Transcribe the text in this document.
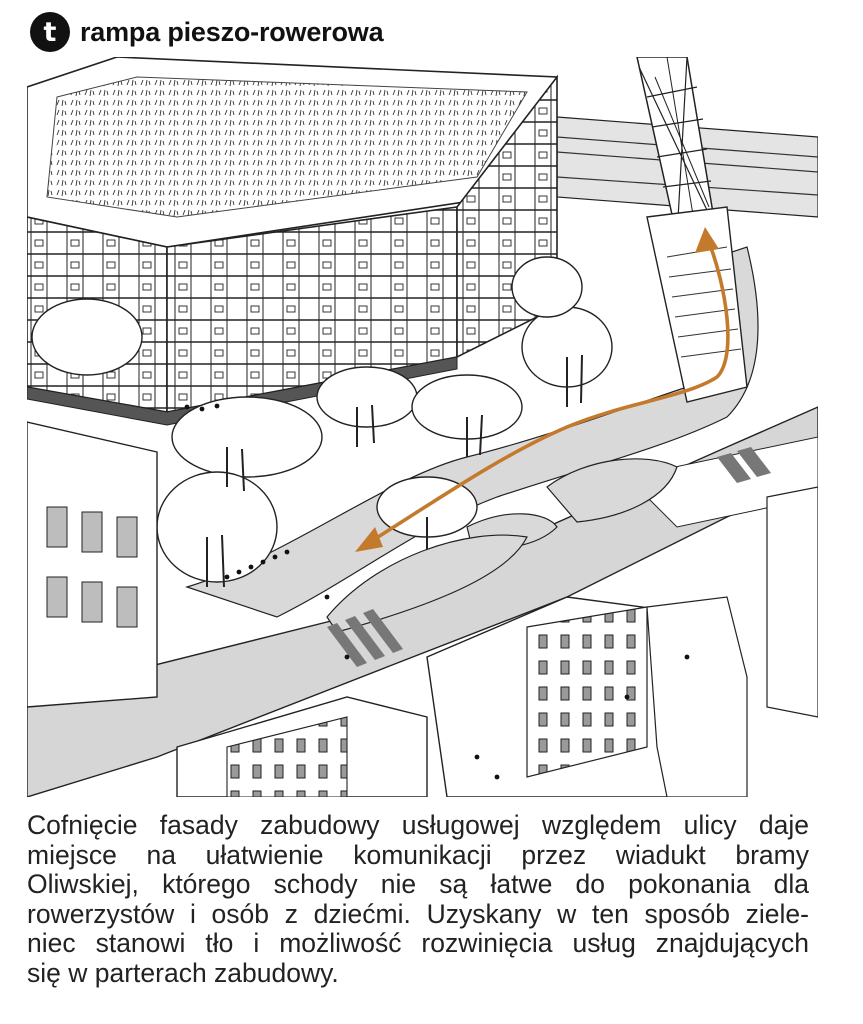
t rampa pieszo-rowerowa
Cofnięcie fasady zabudowy usługowej względem ulicy daje
miejsce na ułatwienie komunikacji przez wiadukt bramy
Oliwskiej, którego schody nie są łatwe do pokonania dla
rowerzystów i osób z dziećmi. Uzyskany w ten sposób ziele-
niec stanowi tło i możliwość rozwinięcia usług znajdujących
się w parterach zabudowy.
